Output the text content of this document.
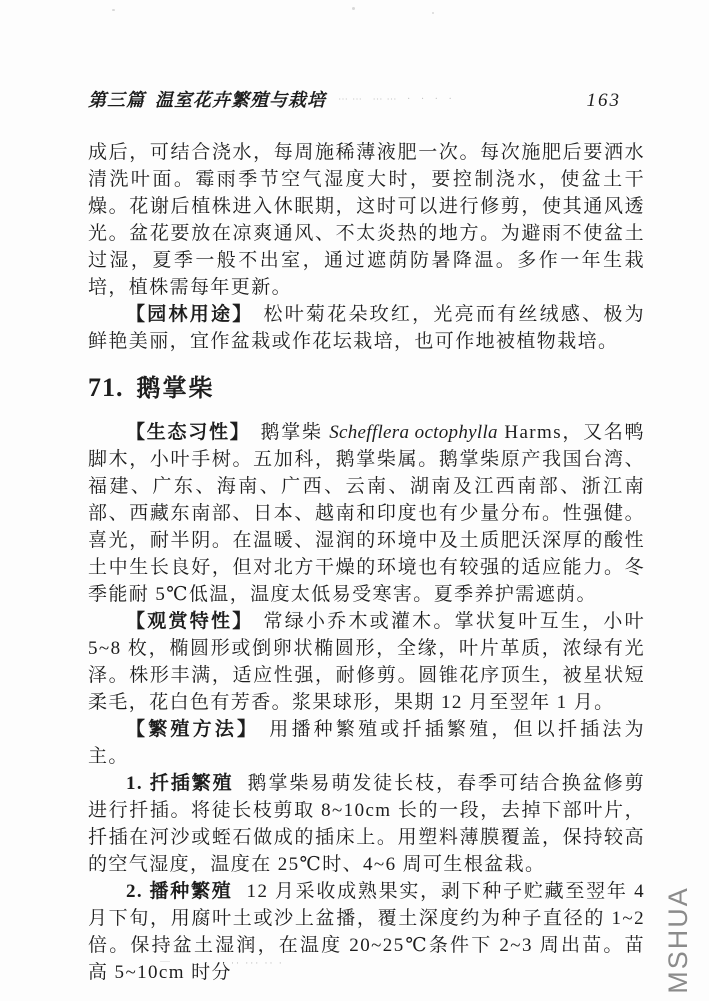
第三篇 温室花卉繁殖与栽培	⋯⋯ ⋯⋯ · · · ·	163

成后，可结合浇水，每周施稀薄液肥一次。每次施肥后要洒水清洗叶面。霉雨季节空气湿度大时，要控制浇水，使盆土干燥。花谢后植株进入休眠期，这时可以进行修剪，使其通风透光。盆花要放在凉爽通风、不太炎热的地方。为避雨不使盆土过湿，夏季一般不出室，通过遮荫防暑降温。多作一年生栽培，植株需每年更新。

【园林用途】 松叶菊花朵玫红，光亮而有丝绒感、极为鲜艳美丽，宜作盆栽或作花坛栽培，也可作地被植物栽培。

71. 鹅掌柴

【生态习性】 鹅掌柴 Schefflera octophylla Harms，又名鸭脚木，小叶手树。五加科，鹅掌柴属。鹅掌柴原产我国台湾、福建、广东、海南、广西、云南、湖南及江西南部、浙江南部、西藏东南部、日本、越南和印度也有少量分布。性强健。喜光，耐半阴。在温暖、湿润的环境中及土质肥沃深厚的酸性土中生长良好，但对北方干燥的环境也有较强的适应能力。冬季能耐 5℃低温，温度太低易受寒害。夏季养护需遮荫。

【观赏特性】 常绿小乔木或灌木。掌状复叶互生，小叶 5~8 枚，椭圆形或倒卵状椭圆形，全缘，叶片革质，浓绿有光泽。株形丰满，适应性强，耐修剪。圆锥花序顶生，被星状短柔毛，花白色有芳香。浆果球形，果期 12 月至翌年 1 月。

【繁殖方法】 用播种繁殖或扦插繁殖，但以扦插法为主。

1. 扦插繁殖 鹅掌柴易萌发徒长枝，春季可结合换盆修剪进行扦插。将徒长枝剪取 8~10cm 长的一段，去掉下部叶片，扦插在河沙或蛭石做成的插床上。用塑料薄膜覆盖，保持较高的空气湿度，温度在 25℃时、4~6 周可生根盆栽。

2. 播种繁殖 12 月采收成熟果实，剥下种子贮藏至翌年 4 月下旬，用腐叶土或沙上盆播，覆土深度约为种子直径的 1~2 倍。保持盆土湿润，在温度 20~25℃条件下 2~3 周出苗。苗高 5~10cm 时分	MSHUA
·· ··· ·· ·
